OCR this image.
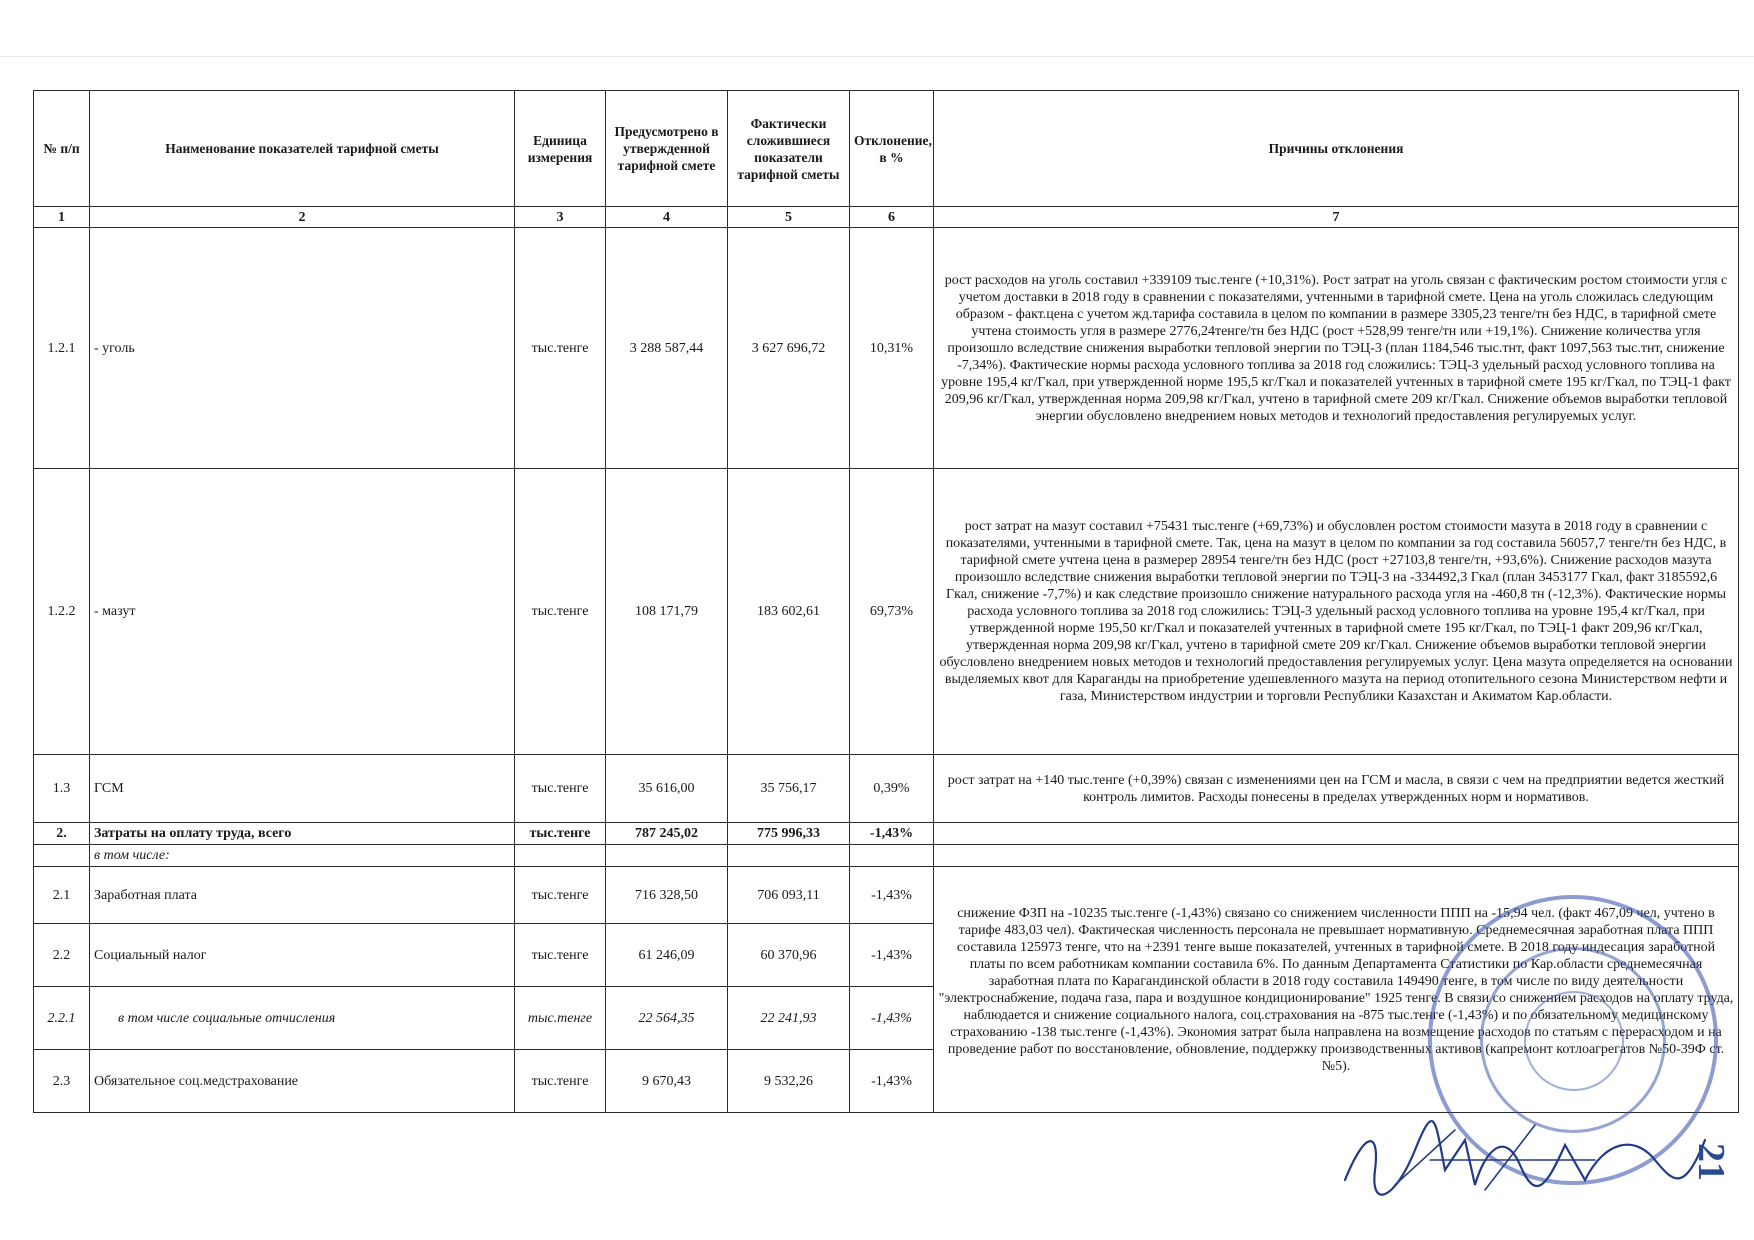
№ п/п	Наименование показателей тарифной сметы	Единица измерения	Предусмотрено в утвержденной тарифной смете	Фактически сложившиеся показатели тарифной сметы	Отклонение, в %	Причины отклонения
1	2	3	4	5	6	7
1.2.1	- уголь	тыс.тенге	3 288 587,44	3 627 696,72	10,31%	рост расходов на уголь составил +339109 тыс.тенге (+10,31%). Рост затрат на уголь связан с фактическим ростом стоимости угля с учетом доставки в 2018 году в сравнении с показателями, учтенными в тарифной смете. Цена на уголь сложилась следующим образом - факт.цена с учетом жд.тарифа составила в целом по компании в размере 3305,23 тенге/тн без НДС, в тарифной смете учтена стоимость угля в размере 2776,24тенге/тн без НДС (рост +528,99 тенге/тн или +19,1%). Снижение количества угля произошло вследствие снижения выработки тепловой энергии по ТЭЦ-3 (план 1184,546 тыс.тнт, факт 1097,563 тыс.тнт, снижение -7,34%). Фактические нормы расхода условного топлива за 2018 год сложились: ТЭЦ-3 удельный расход условного топлива на уровне 195,4 кг/Гкал, при утвержденной норме 195,5 кг/Гкал и показателей учтенных в тарифной смете 195 кг/Гкал, по ТЭЦ-1 факт 209,96 кг/Гкал, утвержденная норма 209,98 кг/Гкал, учтено в тарифной смете 209 кг/Гкал. Снижение объемов выработки тепловой энергии обусловлено внедрением новых методов и технологий предоставления регулируемых услуг.
1.2.2	- мазут	тыс.тенге	108 171,79	183 602,61	69,73%	рост затрат на мазут составил +75431 тыс.тенге (+69,73%) и обусловлен ростом стоимости мазута в 2018 году в сравнении с показателями, учтенными в тарифной смете. Так, цена на мазут в целом по компании за год составила 56057,7 тенге/тн без НДС, в тарифной смете учтена цена в размерер 28954 тенге/тн без НДС (рост +27103,8 тенге/тн, +93,6%). Снижение расходов мазута произошло вследствие снижения выработки тепловой энергии по ТЭЦ-3 на -334492,3 Гкал (план 3453177 Гкал, факт 3185592,6 Гкал, снижение -7,7%) и как следствие произошло снижение натурального расхода угля на -460,8 тн (-12,3%). Фактические нормы расхода условного топлива за 2018 год сложились: ТЭЦ-3 удельный расход условного топлива на уровне 195,4 кг/Гкал, при утвержденной норме 195,50 кг/Гкал и показателей учтенных в тарифной смете 195 кг/Гкал, по ТЭЦ-1 факт 209,96 кг/Гкал, утвержденная норма 209,98 кг/Гкал, учтено в тарифной смете 209 кг/Гкал. Снижение объемов выработки тепловой энергии обусловлено внедрением новых методов и технологий предоставления регулируемых услуг. Цена мазута определяется на основании выделяемых квот для Караганды на приобретение удешевленного мазута на период отопительного сезона Министерством нефти и газа, Министерством индустрии и торговли Республики Казахстан и Акиматом Кар.области.
1.3	ГСМ	тыс.тенге	35 616,00	35 756,17	0,39%	рост затрат на +140 тыс.тенге (+0,39%) связан с изменениями цен на ГСМ и масла, в связи с чем на предприятии ведется жесткий контроль лимитов. Расходы понесены в пределах утвержденных норм и нормативов.
2.	Затраты на оплату труда, всего	тыс.тенге	787 245,02	775 996,33	-1,43%	
	в том числе:					
2.1	Заработная плата	тыс.тенге	716 328,50	706 093,11	-1,43%	снижение ФЗП на -10235 тыс.тенге (-1,43%) связано со снижением численности ППП на -15,94 чел. (факт 467,09 чел, учтено в тарифе 483,03 чел). Фактическая численность персонала не превышает нормативную. Среднемесячная заработная плата ППП составила 125973 тенге, что на +2391 тенге выше показателей, учтенных в тарифной смете. В 2018 году индесация заработной платы по всем работникам компании составила 6%. По данным Департамента Статистики по Кар.области среднемесячная заработная плата по Карагандинской области в 2018 году составила 149490 тенге, в том числе по виду деятельности "электроснабжение, подача газа, пара и воздушное кондиционирование" 1925 тенге. В связи со снижением расходов на оплату труда, наблюдается и снижение социального налога, соц.страхования на -875 тыс.тенге (-1,43%) и по обязательному медицинскому страхованию -138 тыс.тенге (-1,43%). Экономия затрат была направлена на возмещение расходов по статьям с перерасходом и на проведение работ по восстановление, обновление, поддержку производственных активов (капремонт котлоагрегатов №50-39Ф ст.№5).
2.2	Социальный налог	тыс.тенге	61 246,09	60 370,96	-1,43%	
2.2.1	в том числе социальные отчисления	тыс.тенге	22 564,35	22 241,93	-1,43%	
2.3	Обязательное соц.медстрахование	тыс.тенге	9 670,43	9 532,26	-1,43%	
21
